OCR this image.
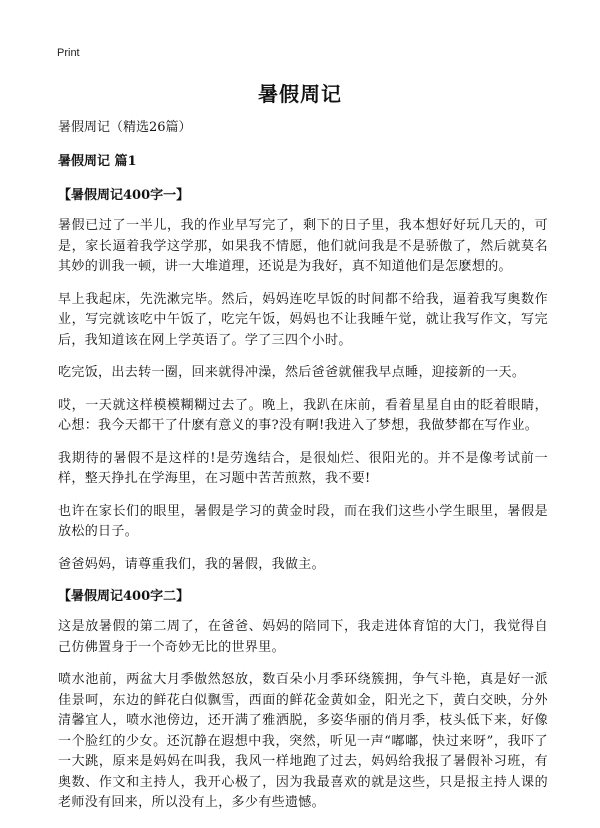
Print
暑假周记

暑假周记（精选26篇）

暑假周记 篇1

【暑假周记400字一】

暑假已过了一半儿，我的作业早写完了，剩下的日子里，我本想好好玩几天的，可是，家长逼着我学这学那，如果我不情愿，他们就问我是不是骄傲了，然后就莫名其妙的训我一顿，讲一大堆道理，还说是为我好，真不知道他们是怎麽想的。

早上我起床，先洗漱完毕。然后，妈妈连吃早饭的时间都不给我，逼着我写奥数作业，写完就该吃中午饭了，吃完午饭，妈妈也不让我睡午觉，就让我写作文，写完后，我知道该在网上学英语了。学了三四个小时。

吃完饭，出去转一圈，回来就得冲澡，然后爸爸就催我早点睡，迎接新的一天。

哎，一天就这样模模糊糊过去了。晚上，我趴在床前，看着星星自由的眨着眼睛，心想：我今天都干了什麽有意义的事?没有啊!我进入了梦想，我做梦都在写作业。

我期待的暑假不是这样的!是劳逸结合，是很灿烂、很阳光的。并不是像考试前一样，整天挣扎在学海里，在习题中苦苦煎熬，我不要!

也许在家长们的眼里，暑假是学习的黄金时段，而在我们这些小学生眼里，暑假是放松的日子。

爸爸妈妈，请尊重我们，我的暑假，我做主。

【暑假周记400字二】

这是放暑假的第二周了，在爸爸、妈妈的陪同下，我走进体育馆的大门，我觉得自己仿佛置身于一个奇妙无比的世界里。

喷水池前，两盆大月季傲然怒放，数百朵小月季环绕簇拥，争气斗艳，真是好一派佳景呵，东边的鲜花白似飘雪，西面的鲜花金黄如金，阳光之下，黄白交映，分外清馨宜人，喷水池傍边，还开满了雅洒脱，多姿华丽的俏月季，枝头低下来，好像一个脸红的少女。还沉静在遐想中我，突然，听见一声“嘟嘟，快过来呀”，我吓了一大跳，原来是妈妈在叫我，我风一样地跑了过去，妈妈给我报了暑假补习班，有奥数、作文和主持人，我开心极了，因为我最喜欢的就是这些，只是报主持人课的老师没有回来，所以没有上，多少有些遗憾。
